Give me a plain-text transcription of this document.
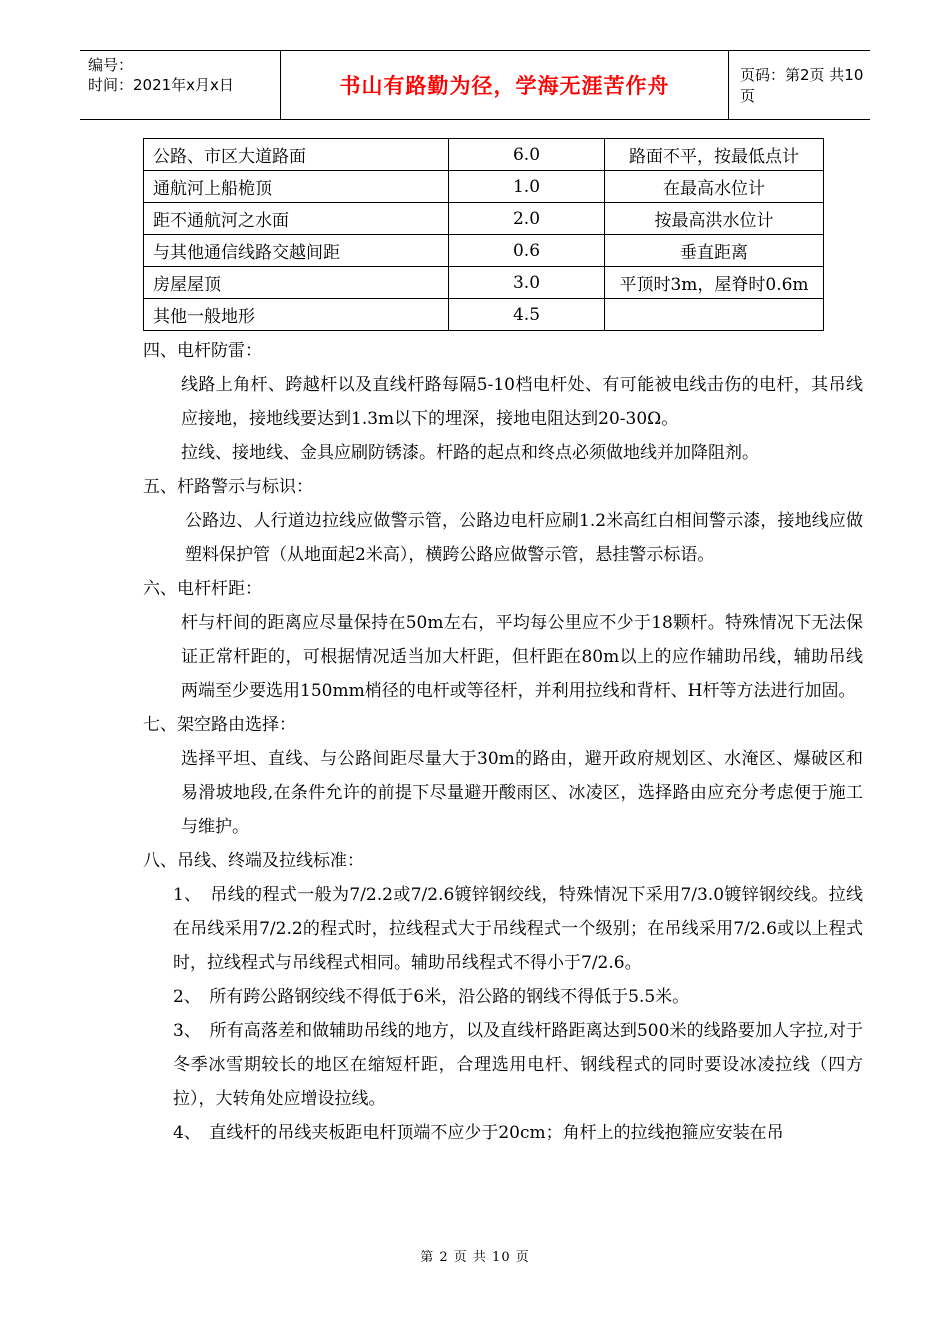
编号：
时间：2021年x月x日	书山有路勤为径，学海无涯苦作舟	页码：第2页 共10页
公路、市区大道路面	6.0	路面不平，按最低点计
通航河上船桅顶	1.0	在最高水位计
距不通航河之水面	2.0	按最高洪水位计
与其他通信线路交越间距	0.6	垂直距离
房屋屋顶	3.0	平顶时3m，屋脊时0.6m
其他一般地形	4.5	

四、电杆防雷：

线路上角杆、跨越杆以及直线杆路每隔5-10档电杆处、有可能被电线击伤的电杆，其吊线应接地，接地线要达到1.3m以下的埋深，接地电阻达到20-30Ω。

拉线、接地线、金具应刷防锈漆。杆路的起点和终点必须做地线并加降阻剂。

五、杆路警示与标识：

公路边、人行道边拉线应做警示管，公路边电杆应刷1.2米高红白相间警示漆，接地线应做塑料保护管（从地面起2米高），横跨公路应做警示管，悬挂警示标语。

六、电杆杆距：

杆与杆间的距离应尽量保持在50m左右，平均每公里应不少于18颗杆。特殊情况下无法保证正常杆距的，可根据情况适当加大杆距，但杆距在80m以上的应作辅助吊线，辅助吊线两端至少要选用150mm梢径的电杆或等径杆，并利用拉线和背杆、H杆等方法进行加固。

七、架空路由选择：

选择平坦、直线、与公路间距尽量大于30m的路由，避开政府规划区、水淹区、爆破区和易滑坡地段,在条件允许的前提下尽量避开酸雨区、冰凌区，选择路由应充分考虑便于施工与维护。

八、吊线、终端及拉线标准：

1、　吊线的程式一般为7/2.2或7/2.6镀锌钢绞线，特殊情况下采用7/3.0镀锌钢绞线。拉线在吊线采用7/2.2的程式时，拉线程式大于吊线程式一个级别；在吊线采用7/2.6或以上程式时，拉线程式与吊线程式相同。辅助吊线程式不得小于7/2.6。

2、　所有跨公路钢绞线不得低于6米，沿公路的钢线不得低于5.5米。

3、　所有高落差和做辅助吊线的地方，以及直线杆路距离达到500米的线路要加人字拉,对于冬季冰雪期较长的地区在缩短杆距，合理选用电杆、钢线程式的同时要设冰凌拉线（四方拉），大转角处应增设拉线。

4、　直线杆的吊线夹板距电杆顶端不应少于20cm；角杆上的拉线抱箍应安装在吊

第 2 页 共 10 页
